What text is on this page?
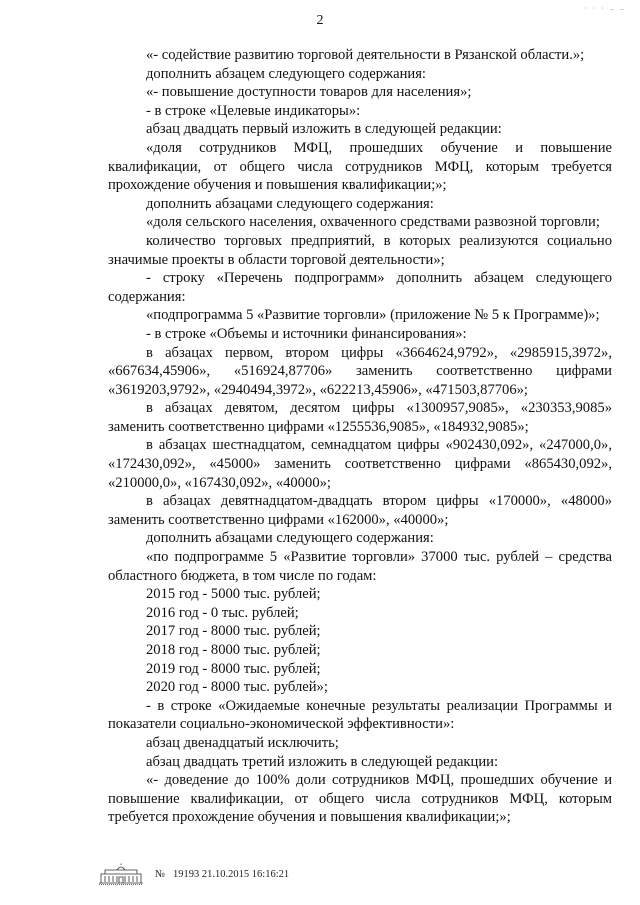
· · · – –
2

«- содействие развитию торговой деятельности в Рязанской области.»;

дополнить абзацем следующего содержания:

«- повышение доступности товаров для населения»;

- в строке «Целевые индикаторы»:

абзац двадцать первый изложить в следующей редакции:

«доля сотрудников МФЦ, прошедших обучение и повышение квалификации, от общего числа сотрудников МФЦ, которым требуется прохождение обучения и повышения квалификации;»;

дополнить абзацами следующего содержания:

«доля сельского населения, охваченного средствами развозной торговли;

количество торговых предприятий, в которых реализуются социально значимые проекты в области торговой деятельности»;

- строку «Перечень подпрограмм» дополнить абзацем следующего содержания:

«подпрограмма 5 «Развитие торговли» (приложение № 5 к Программе)»;

- в строке «Объемы и источники финансирования»:

в абзацах первом, втором цифры «3664624,9792», «2985915,3972», «667634,45906», «516924,87706» заменить соответственно цифрами «3619203,9792», «2940494,3972», «622213,45906», «471503,87706»;

в абзацах девятом, десятом цифры «1300957,9085», «230353,9085» заменить соответственно цифрами «1255536,9085», «184932,9085»;

в абзацах шестнадцатом, семнадцатом цифры «902430,092», «247000,0», «172430,092», «45000» заменить соответственно цифрами «865430,092», «210000,0», «167430,092», «40000»;

в абзацах девятнадцатом-двадцать втором цифры «170000», «48000» заменить соответственно цифрами «162000», «40000»;

дополнить абзацами следующего содержания:

«по подпрограмме 5 «Развитие торговли» 37000 тыс. рублей – средства областного бюджета, в том числе по годам:

2015 год - 5000 тыс. рублей;

2016 год - 0 тыс. рублей;

2017 год - 8000 тыс. рублей;

2018 год - 8000 тыс. рублей;

2019 год - 8000 тыс. рублей;

2020 год - 8000 тыс. рублей»;

- в строке «Ожидаемые конечные результаты реализации Программы и показатели социально-экономической эффективности»:

абзац двенадцатый исключить;

абзац двадцать третий изложить в следующей редакции:

«- доведение до 100% доли сотрудников МФЦ, прошедших обучение и повышение квалификации, от общего числа сотрудников МФЦ, которым требуется прохождение обучения и повышения квалификации;»;

№ 19193 21.10.2015 16:16:21
